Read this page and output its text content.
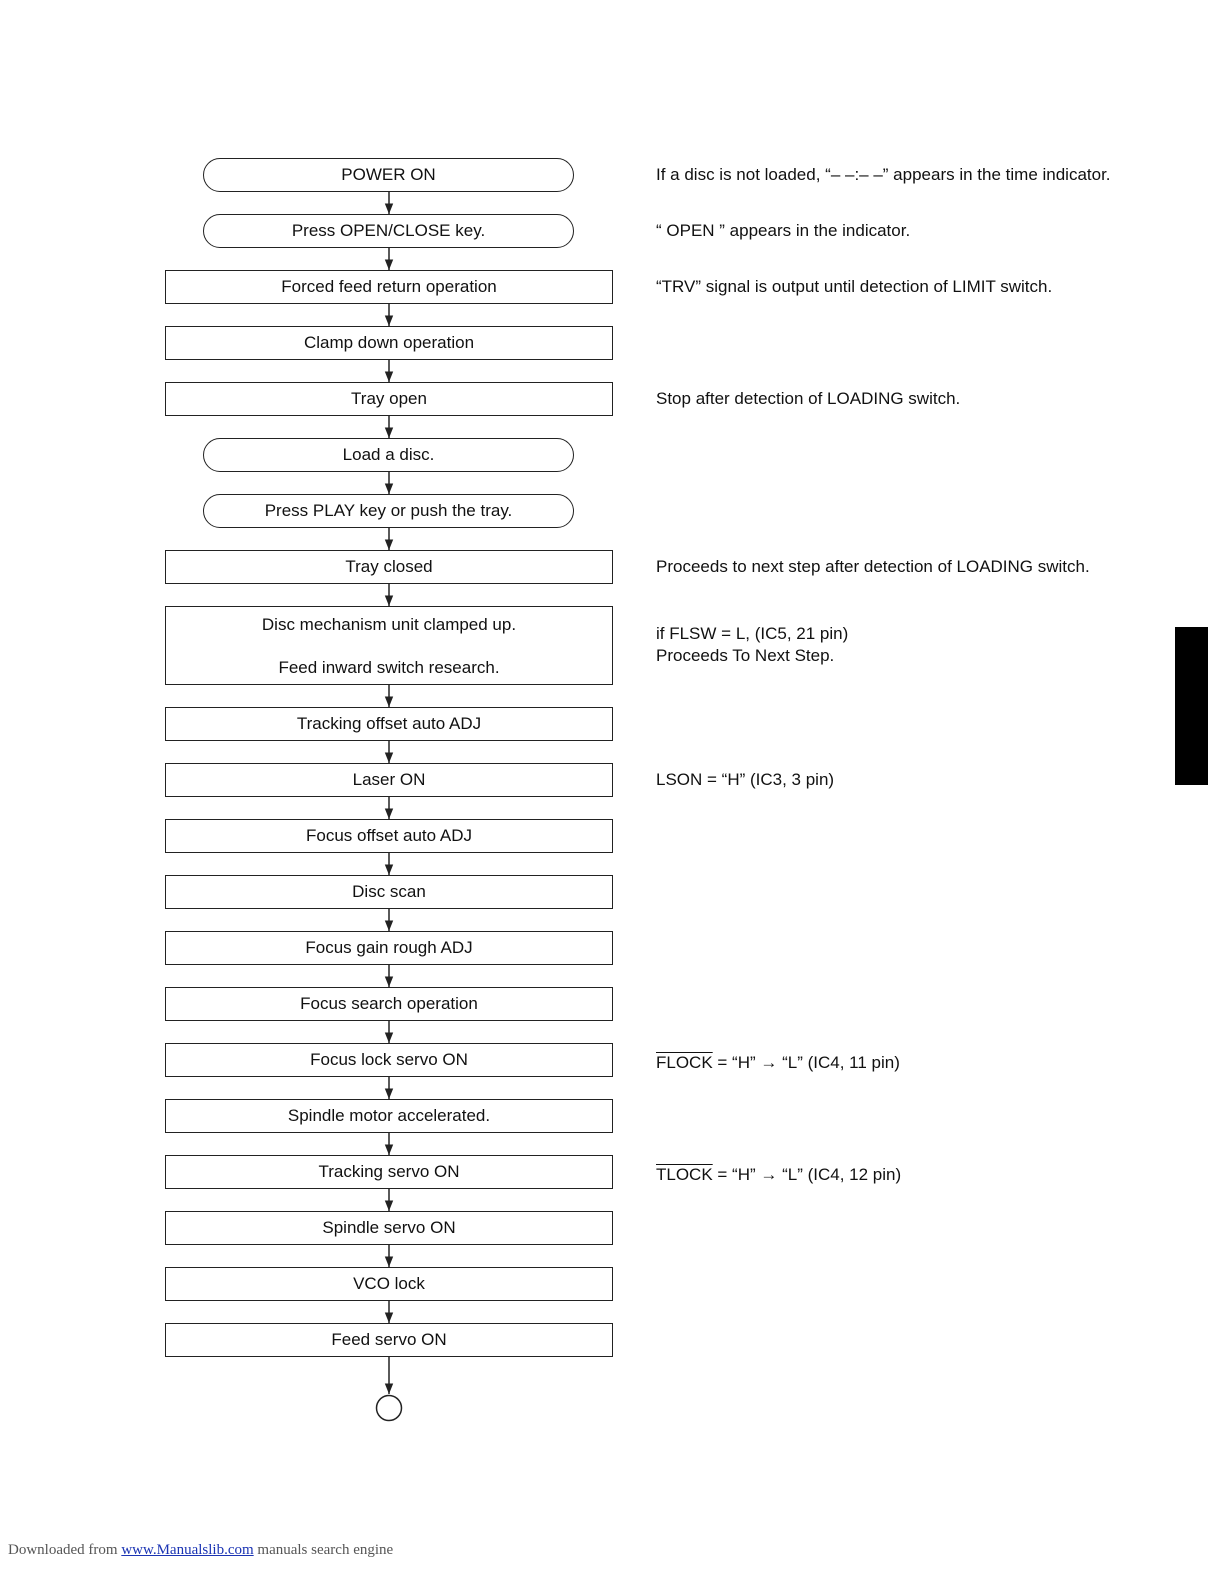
POWER ON
Press OPEN/CLOSE key.
Forced feed return operation
Clamp down operation
Tray open
Load a disc.
Press PLAY key or push the tray.
Tray closed
Disc mechanism unit clamped up.
Feed inward switch research.
Tracking offset auto ADJ
Laser ON
Focus offset auto ADJ
Disc scan
Focus gain rough ADJ
Focus search operation
Focus lock servo ON
Spindle motor accelerated.
Tracking servo ON
Spindle servo ON
VCO lock
Feed servo ON
If a disc is not loaded, “– –:– –” appears in the time indicator.
“ OPEN ” appears in the indicator.
“TRV” signal is output until detection of LIMIT switch.
Stop after detection of LOADING switch.
Proceeds to next step after detection of LOADING switch.
if FLSW = L, (IC5, 21 pin)
Proceeds To Next Step.
LSON = “H” (IC3, 3 pin)
FLOCK = “H” → “L” (IC4, 11 pin)
TLOCK = “H” → “L” (IC4, 12 pin)
Downloaded from www.Manualslib.com manuals search engine
